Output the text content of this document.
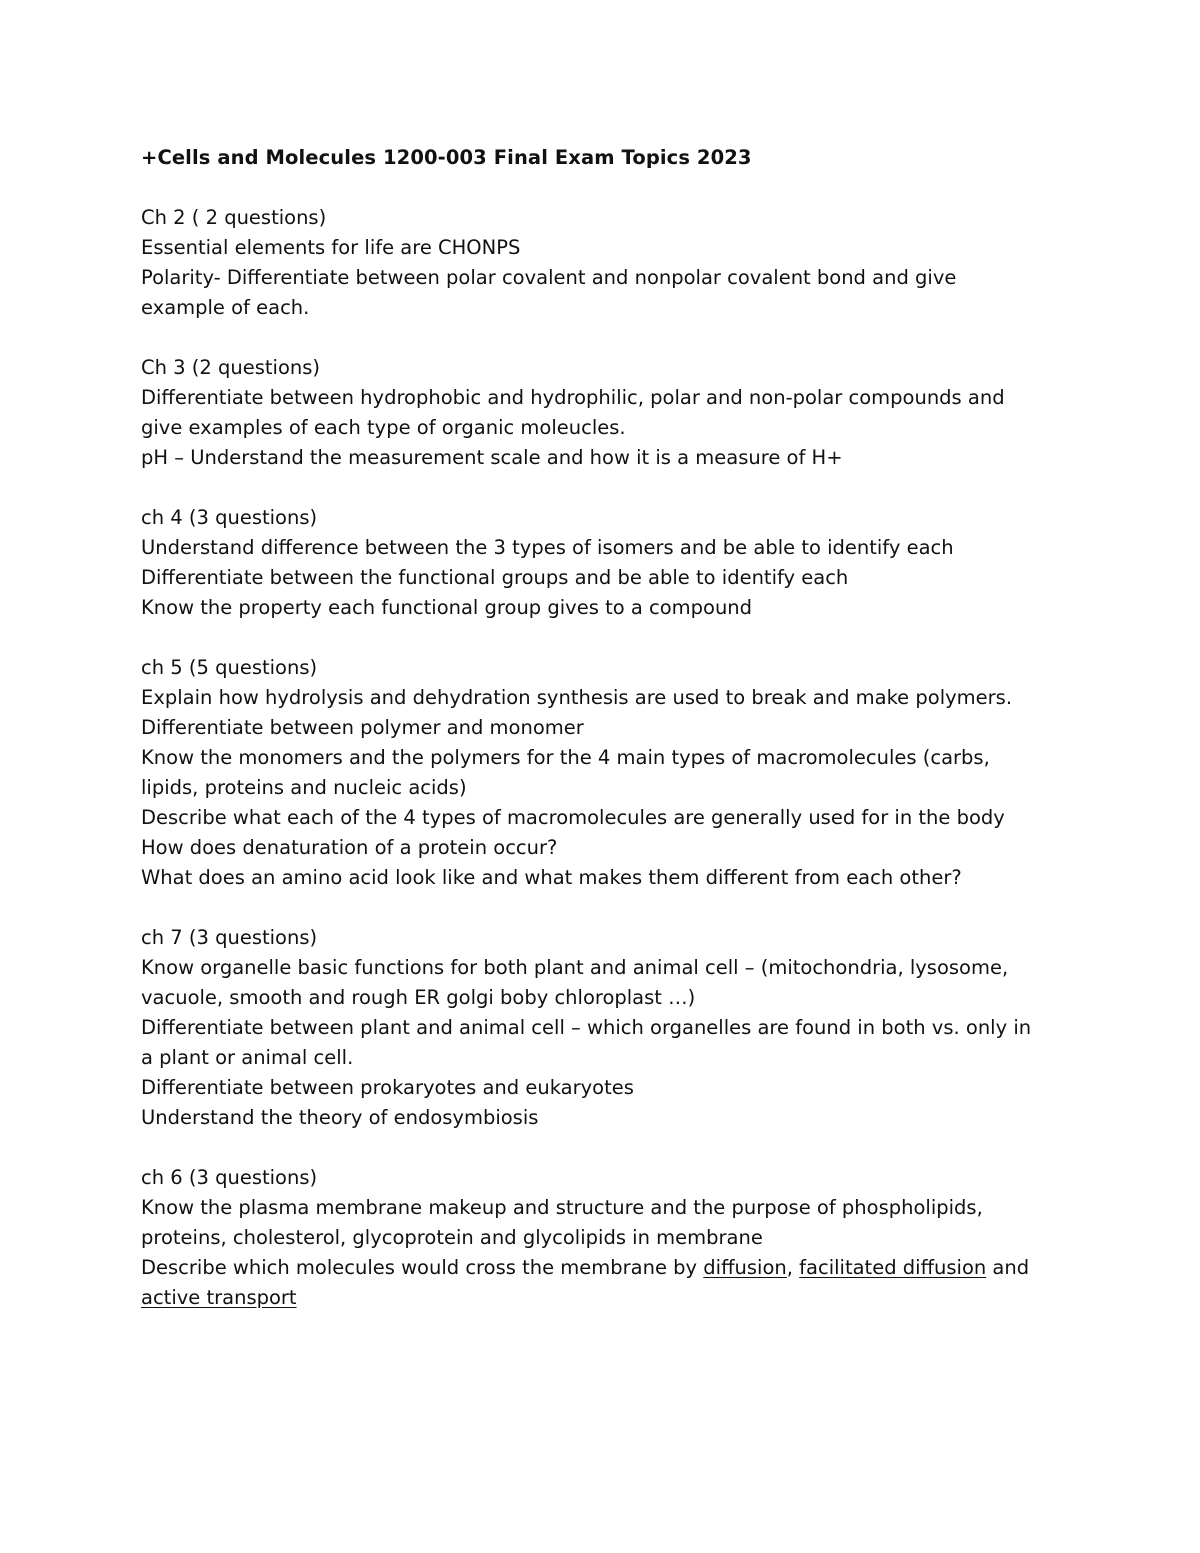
+Cells and Molecules 1200-003 Final Exam Topics 2023
Ch 2 ( 2 questions)
Essential elements for life are CHONPS
Polarity- Differentiate between polar covalent and nonpolar covalent bond and give
example of each.
Ch 3 (2 questions)
Differentiate between hydrophobic and hydrophilic, polar and non-polar compounds and
give examples of each type of organic moleucles.
pH – Understand the measurement scale and how it is a measure of H+
ch 4 (3 questions)
Understand difference between the 3 types of isomers and be able to identify each
Differentiate between the functional groups and be able to identify each
Know the property each functional group gives to a compound
ch 5 (5 questions)
Explain how hydrolysis and dehydration synthesis are used to break and make polymers.
Differentiate between polymer and monomer
Know the monomers and the polymers for the 4 main types of macromolecules (carbs,
lipids, proteins and nucleic acids)
Describe what each of the 4 types of macromolecules are generally used for in the body
How does denaturation of a protein occur?
What does an amino acid look like and what makes them different from each other?
ch 7 (3 questions)
Know organelle basic functions for both plant and animal cell – (mitochondria, lysosome,
vacuole, smooth and rough ER golgi boby chloroplast …)
Differentiate between plant and animal cell – which organelles are found in both vs. only in
a plant or animal cell.
Differentiate between prokaryotes and eukaryotes
Understand the theory of endosymbiosis
ch 6 (3 questions)
Know the plasma membrane makeup and structure and the purpose of phospholipids,
proteins, cholesterol, glycoprotein and glycolipids in membrane
Describe which molecules would cross the membrane by diffusion, facilitated diffusion and
active transport
